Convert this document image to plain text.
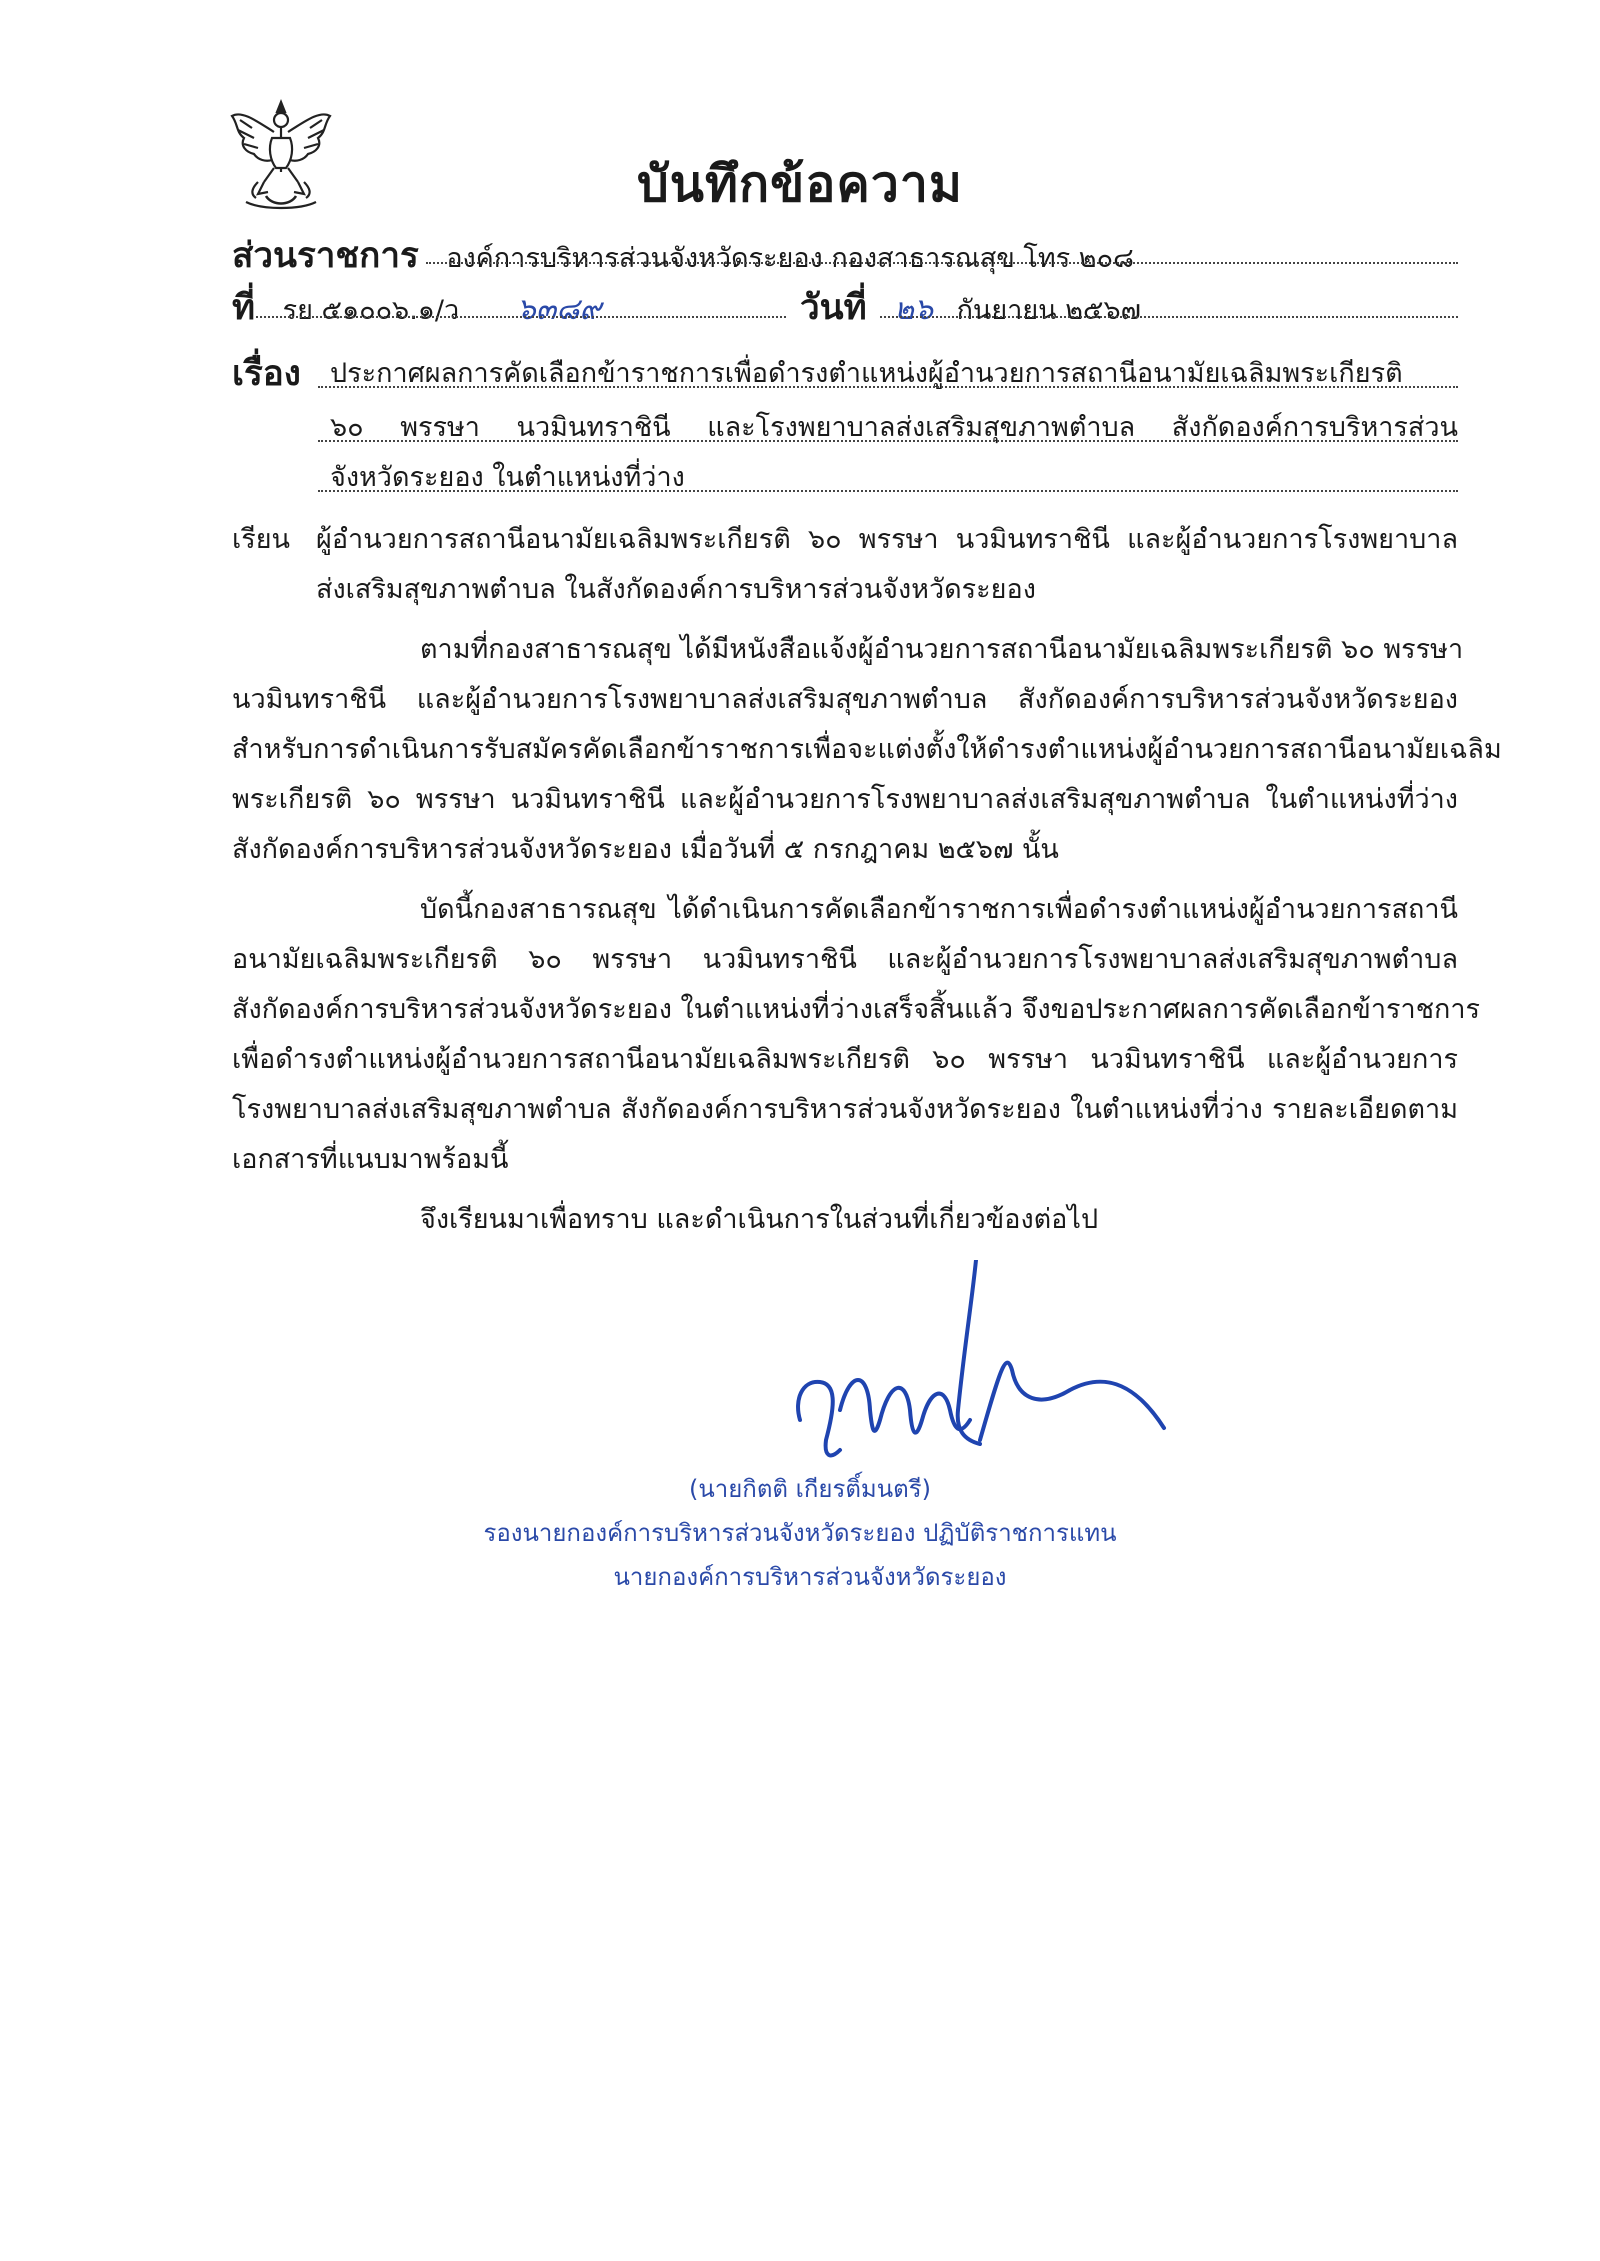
บันทึกข้อความ
ส่วนราชการ องค์การบริหารส่วนจังหวัดระยอง กองสาธารณสุข โทร ๒๐๘
ที่ รย ๕๑๐๐๖.๑/ว ๖๓๘๙	วันที่ ๒๖ กันยายน ๒๕๖๗
เรื่อง ประกาศผลการคัดเลือกข้าราชการเพื่อดำรงตำแหน่งผู้อำนวยการสถานีอนามัยเฉลิมพระเกียรติ
๖๐ พรรษา นวมินทราชินี และโรงพยาบาลส่งเสริมสุขภาพตำบล สังกัดองค์การบริหารส่วน
จังหวัดระยอง ในตำแหน่งที่ว่าง
เรียน ผู้อำนวยการสถานีอนามัยเฉลิมพระเกียรติ ๖๐ พรรษา นวมินทราชินี และผู้อำนวยการโรงพยาบาล
ส่งเสริมสุขภาพตำบล ในสังกัดองค์การบริหารส่วนจังหวัดระยอง
ตามที่กองสาธารณสุข ได้มีหนังสือแจ้งผู้อำนวยการสถานีอนามัยเฉลิมพระเกียรติ ๖๐ พรรษา
นวมินทราชินี และผู้อำนวยการโรงพยาบาลส่งเสริมสุขภาพตำบล สังกัดองค์การบริหารส่วนจังหวัดระยอง
สำหรับการดำเนินการรับสมัครคัดเลือกข้าราชการเพื่อจะแต่งตั้งให้ดำรงตำแหน่งผู้อำนวยการสถานีอนามัยเฉลิม
พระเกียรติ ๖๐ พรรษา นวมินทราชินี และผู้อำนวยการโรงพยาบาลส่งเสริมสุขภาพตำบล ในตำแหน่งที่ว่าง
สังกัดองค์การบริหารส่วนจังหวัดระยอง เมื่อวันที่ ๕ กรกฎาคม ๒๕๖๗ นั้น
บัดนี้กองสาธารณสุข ได้ดำเนินการคัดเลือกข้าราชการเพื่อดำรงตำแหน่งผู้อำนวยการสถานี
อนามัยเฉลิมพระเกียรติ ๖๐ พรรษา นวมินทราชินี และผู้อำนวยการโรงพยาบาลส่งเสริมสุขภาพตำบล
สังกัดองค์การบริหารส่วนจังหวัดระยอง ในตำแหน่งที่ว่างเสร็จสิ้นแล้ว จึงขอประกาศผลการคัดเลือกข้าราชการ
เพื่อดำรงตำแหน่งผู้อำนวยการสถานีอนามัยเฉลิมพระเกียรติ ๖๐ พรรษา นวมินทราชินี และผู้อำนวยการ
โรงพยาบาลส่งเสริมสุขภาพตำบล สังกัดองค์การบริหารส่วนจังหวัดระยอง ในตำแหน่งที่ว่าง รายละเอียดตาม
เอกสารที่แนบมาพร้อมนี้
จึงเรียนมาเพื่อทราบ และดำเนินการในส่วนที่เกี่ยวข้องต่อไป
(นายกิตติ เกียรติ์มนตรี)
รองนายกองค์การบริหารส่วนจังหวัดระยอง ปฏิบัติราชการแทน
นายกองค์การบริหารส่วนจังหวัดระยอง
